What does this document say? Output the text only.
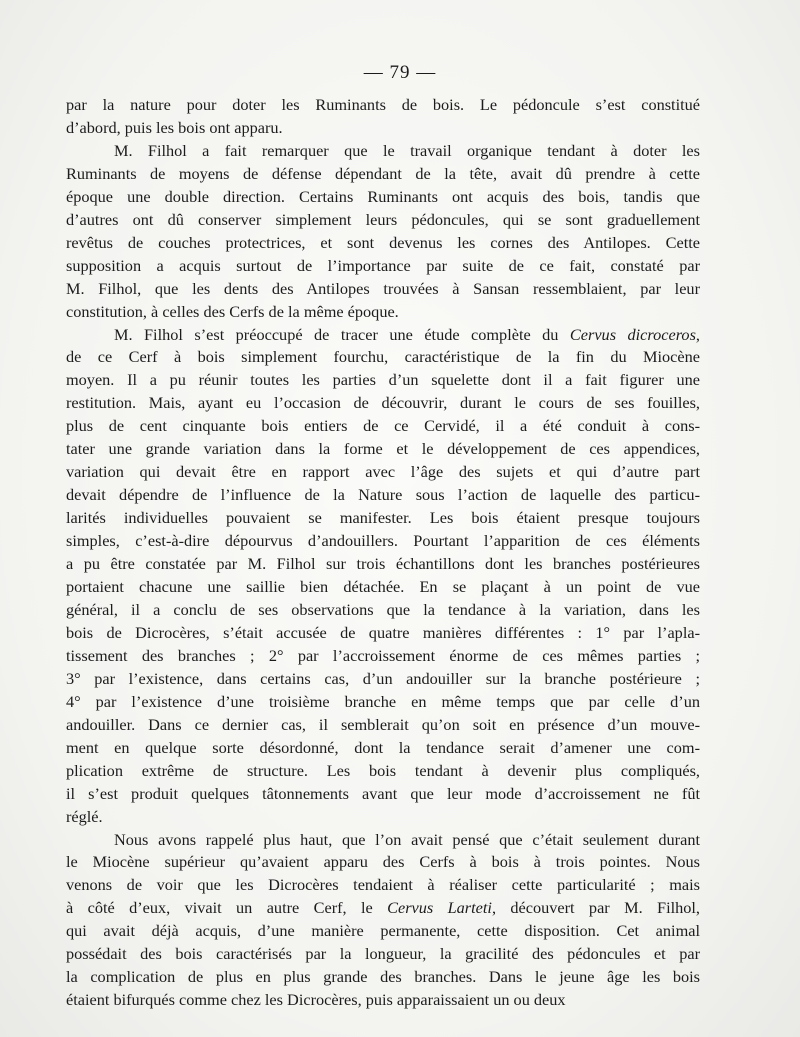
— 79 —

par la nature pour doter les Ruminants de bois. Le pédoncule s’est constitué
d’abord, puis les bois ont apparu.

M. Filhol a fait remarquer que le travail organique tendant à doter les
Ruminants de moyens de défense dépendant de la tête, avait dû prendre à cette
époque une double direction. Certains Ruminants ont acquis des bois, tandis que
d’autres ont dû conserver simplement leurs pédoncules, qui se sont graduellement
revêtus de couches protectrices, et sont devenus les cornes des Antilopes. Cette
supposition a acquis surtout de l’importance par suite de ce fait, constaté par
M. Filhol, que les dents des Antilopes trouvées à Sansan ressemblaient, par leur
constitution, à celles des Cerfs de la même époque.

M. Filhol s’est préoccupé de tracer une étude complète du Cervus dicroceros,
de ce Cerf à bois simplement fourchu, caractéristique de la fin du Miocène
moyen. Il a pu réunir toutes les parties d’un squelette dont il a fait figurer une
restitution. Mais, ayant eu l’occasion de découvrir, durant le cours de ses fouilles,
plus de cent cinquante bois entiers de ce Cervidé, il a été conduit à cons-
tater une grande variation dans la forme et le développement de ces appendices,
variation qui devait être en rapport avec l’âge des sujets et qui d’autre part
devait dépendre de l’influence de la Nature sous l’action de laquelle des particu-
larités individuelles pouvaient se manifester. Les bois étaient presque toujours
simples, c’est-à-dire dépourvus d’andouillers. Pourtant l’apparition de ces éléments
a pu être constatée par M. Filhol sur trois échantillons dont les branches postérieures
portaient chacune une saillie bien détachée. En se plaçant à un point de vue
général, il a conclu de ses observations que la tendance à la variation, dans les
bois de Dicrocères, s’était accusée de quatre manières différentes : 1° par l’apla-
tissement des branches ; 2° par l’accroissement énorme de ces mêmes parties ;
3° par l’existence, dans certains cas, d’un andouiller sur la branche postérieure ;
4° par l’existence d’une troisième branche en même temps que par celle d’un
andouiller. Dans ce dernier cas, il semblerait qu’on soit en présence d’un mouve-
ment en quelque sorte désordonné, dont la tendance serait d’amener une com-
plication extrême de structure. Les bois tendant à devenir plus compliqués,
il s’est produit quelques tâtonnements avant que leur mode d’accroissement ne fût
réglé.

Nous avons rappelé plus haut, que l’on avait pensé que c’était seulement durant
le Miocène supérieur qu’avaient apparu des Cerfs à bois à trois pointes. Nous
venons de voir que les Dicrocères tendaient à réaliser cette particularité ; mais
à côté d’eux, vivait un autre Cerf, le Cervus Larteti, découvert par M. Filhol,
qui avait déjà acquis, d’une manière permanente, cette disposition. Cet animal
possédait des bois caractérisés par la longueur, la gracilité des pédoncules et par
la complication de plus en plus grande des branches. Dans le jeune âge les bois
étaient bifurqués comme chez les Dicrocères, puis apparaissaient un ou deux
